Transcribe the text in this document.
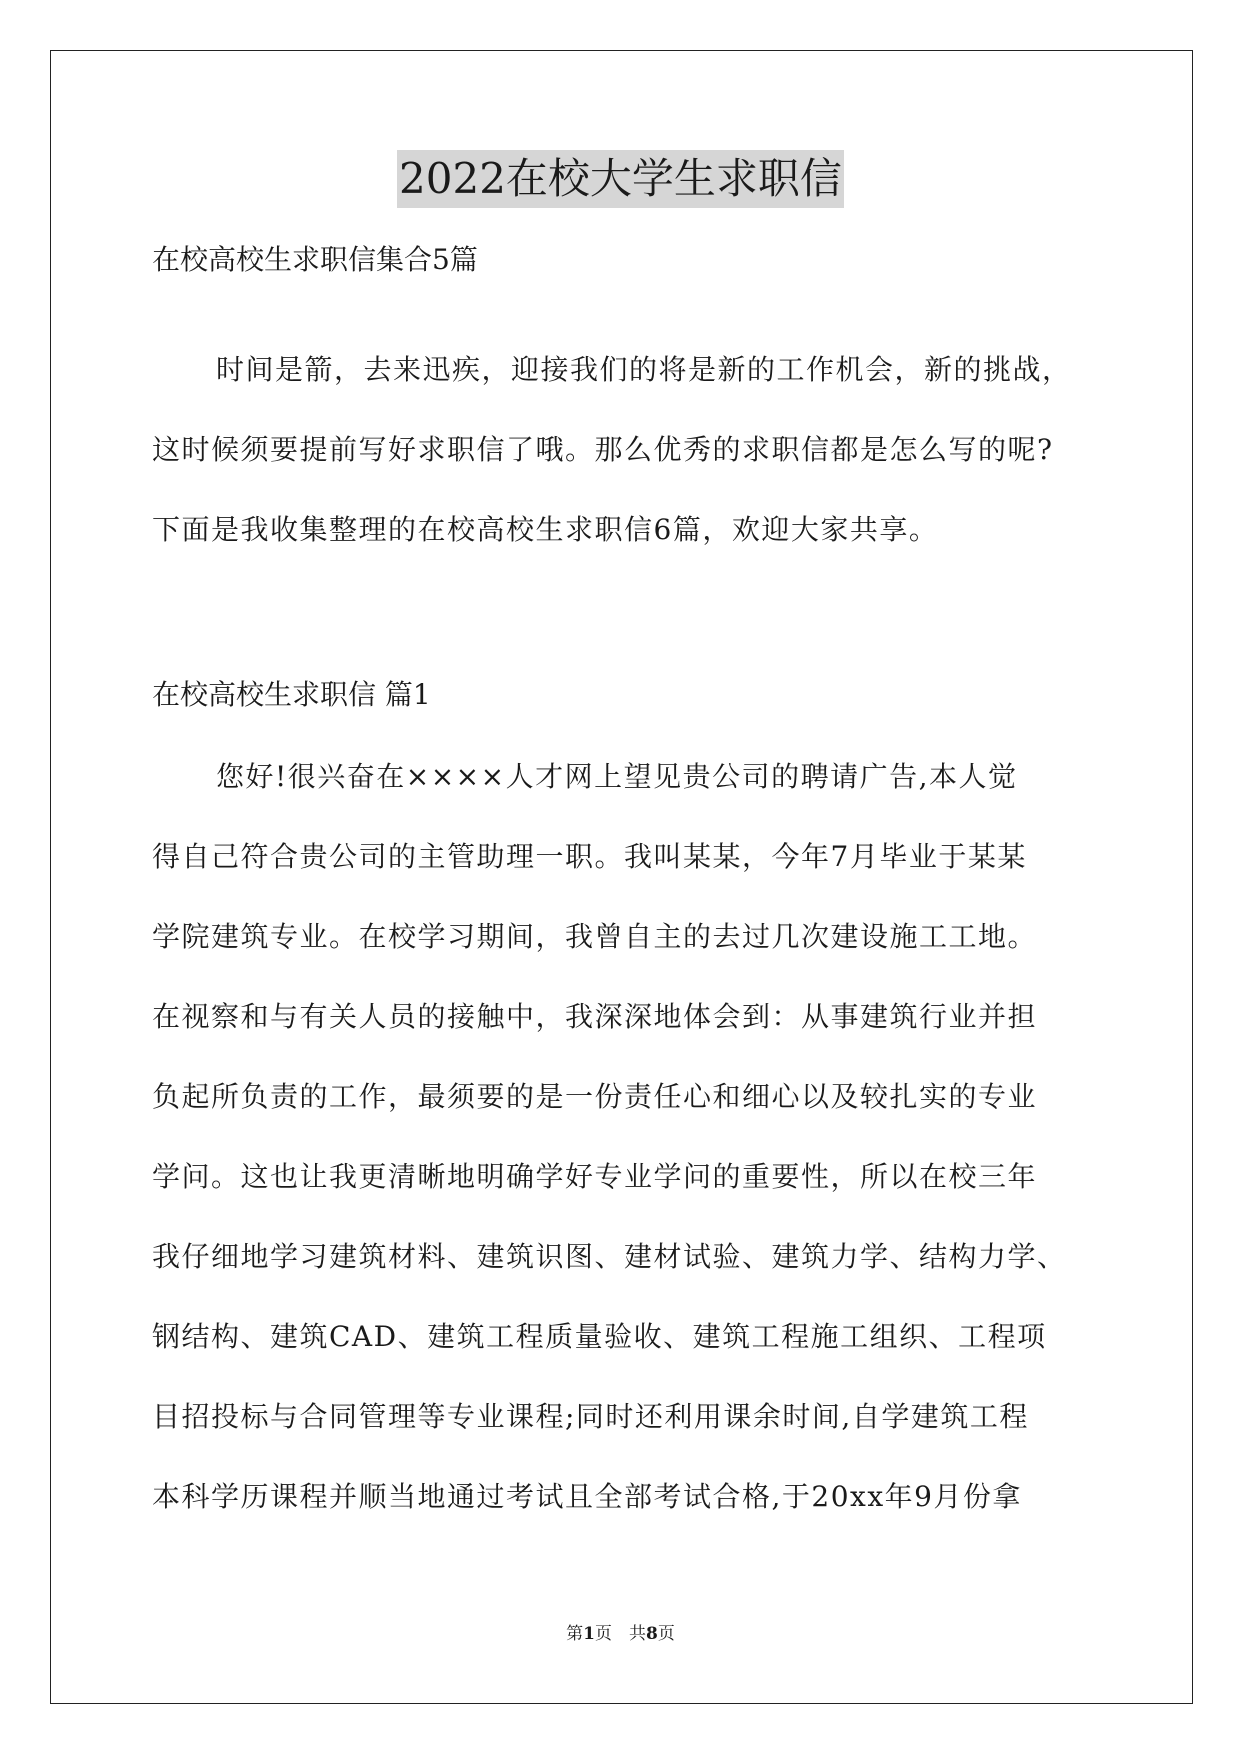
2022在校大学生求职信
在校高校生求职信集合5篇
时间是箭，去来迅疾，迎接我们的将是新的工作机会，新的挑战，
这时候须要提前写好求职信了哦。那么优秀的求职信都是怎么写的呢?
下面是我收集整理的在校高校生求职信6篇，欢迎大家共享。
在校高校生求职信 篇1
您好!很兴奋在××××人才网上望见贵公司的聘请广告,本人觉
得自己符合贵公司的主管助理一职。我叫某某，今年7月毕业于某某
学院建筑专业。在校学习期间，我曾自主的去过几次建设施工工地。
在视察和与有关人员的接触中，我深深地体会到：从事建筑行业并担
负起所负责的工作，最须要的是一份责任心和细心以及较扎实的专业
学问。这也让我更清晰地明确学好专业学问的重要性，所以在校三年
我仔细地学习建筑材料、建筑识图、建材试验、建筑力学、结构力学、
钢结构、建筑CAD、建筑工程质量验收、建筑工程施工组织、工程项
目招投标与合同管理等专业课程;同时还利用课余时间,自学建筑工程
本科学历课程并顺当地通过考试且全部考试合格,于20xx年9月份拿
第1页　共8页
